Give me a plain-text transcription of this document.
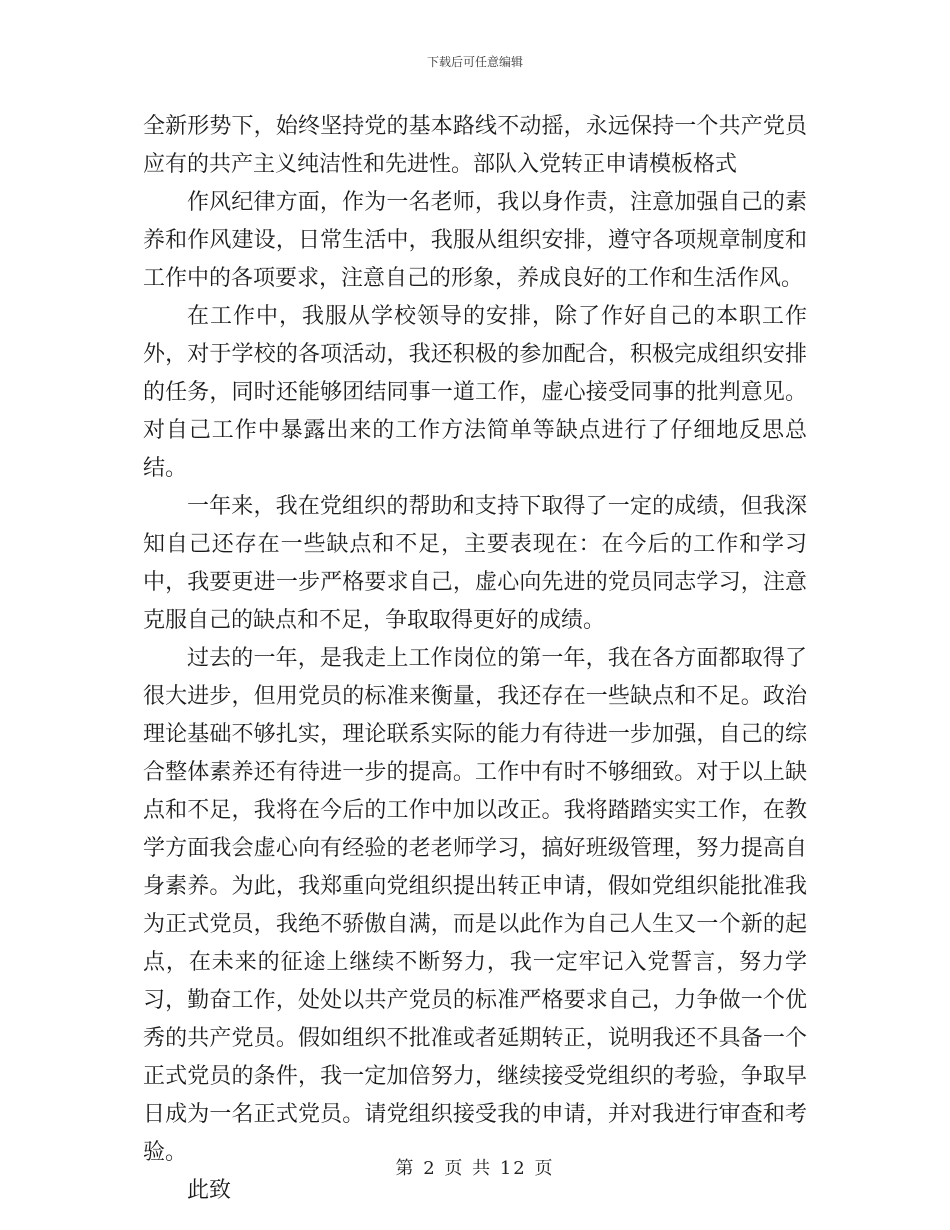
下载后可任意编辑

全新形势下，始终坚持党的基本路线不动摇，永远保持一个共产党员应有的共产主义纯洁性和先进性。部队入党转正申请模板格式

作风纪律方面，作为一名老师，我以身作责，注意加强自己的素养和作风建设，日常生活中，我服从组织安排，遵守各项规章制度和工作中的各项要求，注意自己的形象，养成良好的工作和生活作风。

在工作中，我服从学校领导的安排，除了作好自己的本职工作外，对于学校的各项活动，我还积极的参加配合，积极完成组织安排的任务，同时还能够团结同事一道工作，虚心接受同事的批判意见。对自己工作中暴露出来的工作方法简单等缺点进行了仔细地反思总结。

一年来，我在党组织的帮助和支持下取得了一定的成绩，但我深知自己还存在一些缺点和不足，主要表现在：在今后的工作和学习中，我要更进一步严格要求自己，虚心向先进的党员同志学习，注意克服自己的缺点和不足，争取取得更好的成绩。

过去的一年，是我走上工作岗位的第一年，我在各方面都取得了很大进步，但用党员的标准来衡量，我还存在一些缺点和不足。政治理论基础不够扎实，理论联系实际的能力有待进一步加强，自己的综合整体素养还有待进一步的提高。工作中有时不够细致。对于以上缺点和不足，我将在今后的工作中加以改正。我将踏踏实实工作，在教学方面我会虚心向有经验的老老师学习，搞好班级管理，努力提高自身素养。为此，我郑重向党组织提出转正申请，假如党组织能批准我为正式党员，我绝不骄傲自满，而是以此作为自己人生又一个新的起点，在未来的征途上继续不断努力，我一定牢记入党誓言，努力学习，勤奋工作，处处以共产党员的标准严格要求自己，力争做一个优秀的共产党员。假如组织不批准或者延期转正，说明我还不具备一个正式党员的条件，我一定加倍努力，继续接受党组织的考验，争取早日成为一名正式党员。请党组织接受我的申请，并对我进行审查和考验。

此致

第 2 页 共 12 页
